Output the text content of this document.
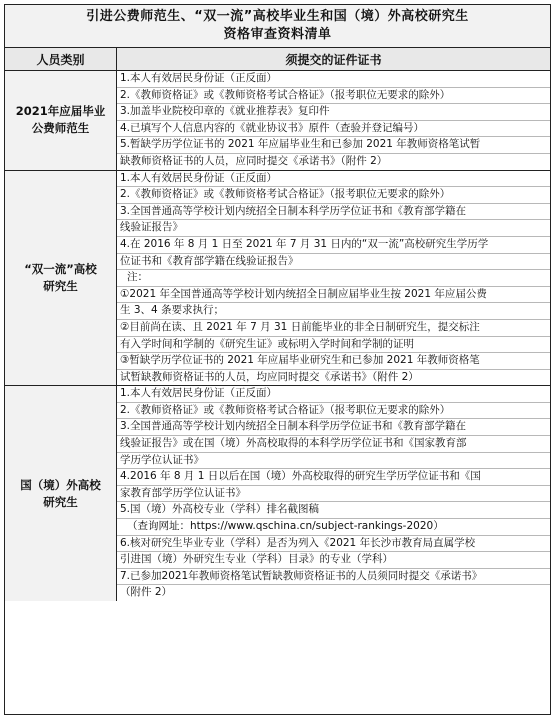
引进公费师范生、“双一流”高校毕业生和国（境）外高校研究生
资格审查资料清单
人员类别	须提交的证件证书
2021年应届毕业
公费师范生
1.本人有效居民身份证（正反面）
2.《教师资格证》或《教师资格考试合格证》（报考职位无要求的除外）
3.加盖毕业院校印章的《就业推荐表》复印件
4.已填写个人信息内容的《就业协议书》原件（查验并登记编号）
5.暂缺学历学位证书的 2021 年应届毕业生和已参加 2021 年教师资格笔试暂
缺教师资格证书的人员，应同时提交《承诺书》（附件 2）
“双一流”高校
研究生
1.本人有效居民身份证（正反面）
2.《教师资格证》或《教师资格考试合格证》（报考职位无要求的除外）
3.全国普通高等学校计划内统招全日制本科学历学位证书和《教育部学籍在
线验证报告》
4.在 2016 年 8 月 1 日至 2021 年 7 月 31 日内的“双一流”高校研究生学历学
位证书和《教育部学籍在线验证报告》
注：
①2021 年全国普通高等学校计划内统招全日制应届毕业生按 2021 年应届公费
生 3、4 条要求执行；
②目前尚在读、且 2021 年 7 月 31 日前能毕业的非全日制研究生，提交标注
有入学时间和学制的《研究生证》或标明入学时间和学制的证明
③暂缺学历学位证书的 2021 年应届毕业研究生和已参加 2021 年教师资格笔
试暂缺教师资格证书的人员，均应同时提交《承诺书》（附件 2）
国（境）外高校
研究生
1.本人有效居民身份证（正反面）
2.《教师资格证》或《教师资格考试合格证》（报考职位无要求的除外）
3.全国普通高等学校计划内统招全日制本科学历学位证书和《教育部学籍在
线验证报告》或在国（境）外高校取得的本科学历学位证书和《国家教育部
学历学位认证书》
4.2016 年 8 月 1 日以后在国（境）外高校取得的研究生学历学位证书和《国
家教育部学历学位认证书》
5.国（境）外高校专业（学科）排名截图稿
（查询网址：https://www.qschina.cn/subject-rankings-2020）
6.核对研究生毕业专业（学科）是否为列入《2021 年长沙市教育局直属学校
引进国（境）外研究生专业（学科）目录》的专业（学科）
7.已参加2021年教师资格笔试暂缺教师资格证书的人员须同时提交《承诺书》
（附件 2）
